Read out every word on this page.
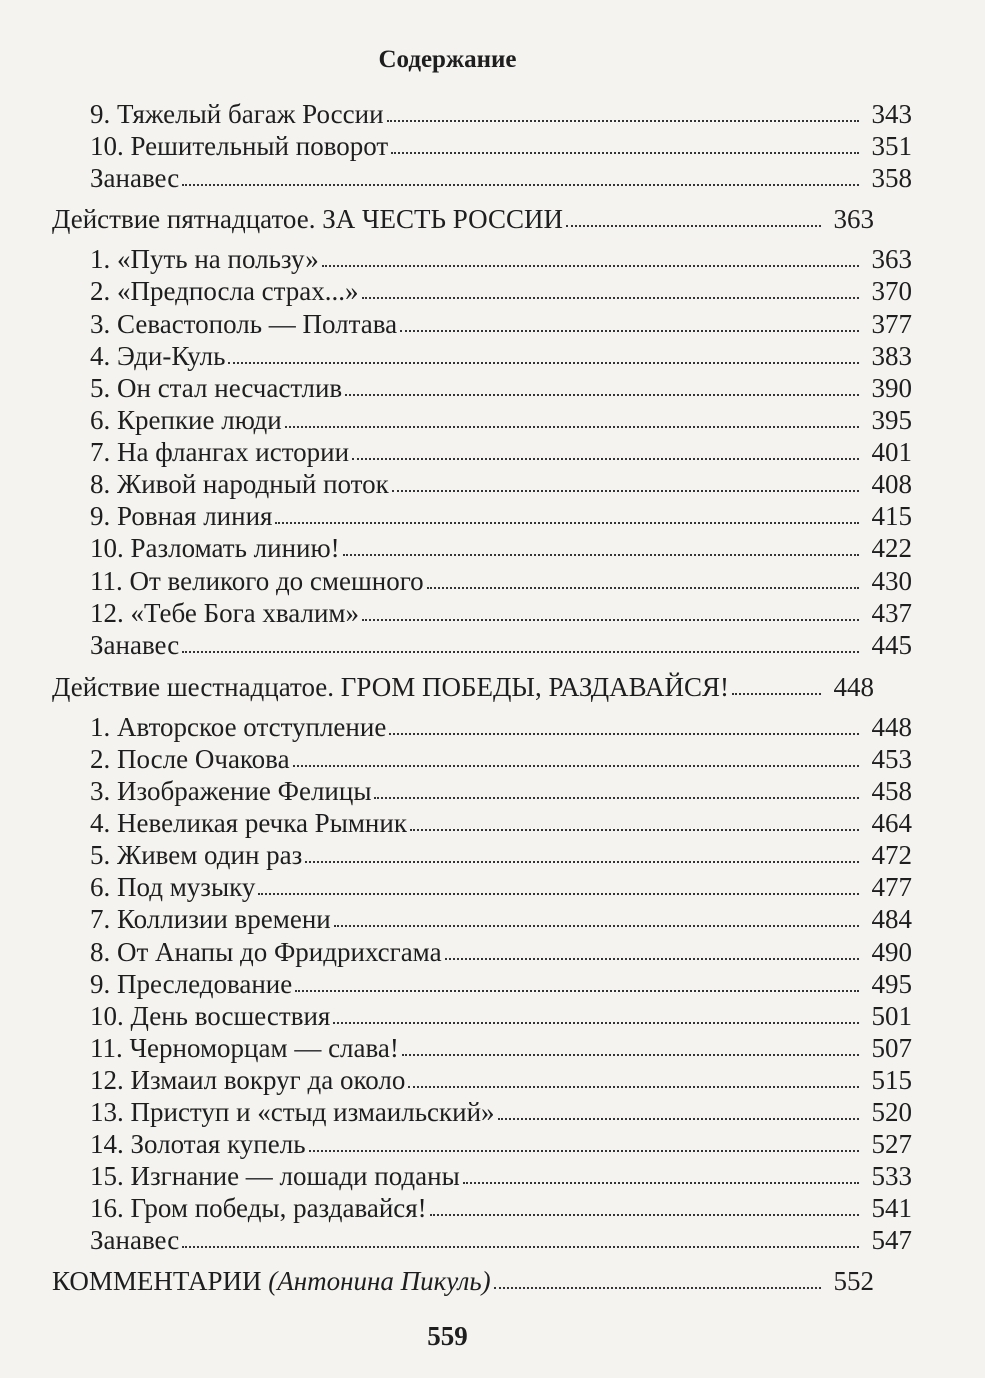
Содержание
9. Тяжелый багаж России	343
10. Решительный поворот	351
Занавес	358
Действие пятнадцатое. ЗА ЧЕСТЬ РОССИИ	363
1. «Путь на пользу»	363
2. «Предпосла страх...»	370
3. Севастополь — Полтава	377
4. Эди-Куль	383
5. Он стал несчастлив	390
6. Крепкие люди	395
7. На флангах истории	401
8. Живой народный поток	408
9. Ровная линия	415
10. Разломать линию!	422
11. От великого до смешного	430
12. «Тебе Бога хвалим»	437
Занавес	445
Действие шестнадцатое. ГРОМ ПОБЕДЫ, РАЗДАВАЙСЯ!	448
1. Авторское отступление	448
2. После Очакова	453
3. Изображение Фелицы	458
4. Невеликая речка Рымник	464
5. Живем один раз	472
6. Под музыку	477
7. Коллизии времени	484
8. От Анапы до Фридрихсгама	490
9. Преследование	495
10. День восшествия	501
11. Черноморцам — слава!	507
12. Измаил вокруг да около	515
13. Приступ и «стыд измаильский»	520
14. Золотая купель	527
15. Изгнание — лошади поданы	533
16. Гром победы, раздавайся!	541
Занавес	547
КОММЕНТАРИИ (Антонина Пикуль)	552
559
